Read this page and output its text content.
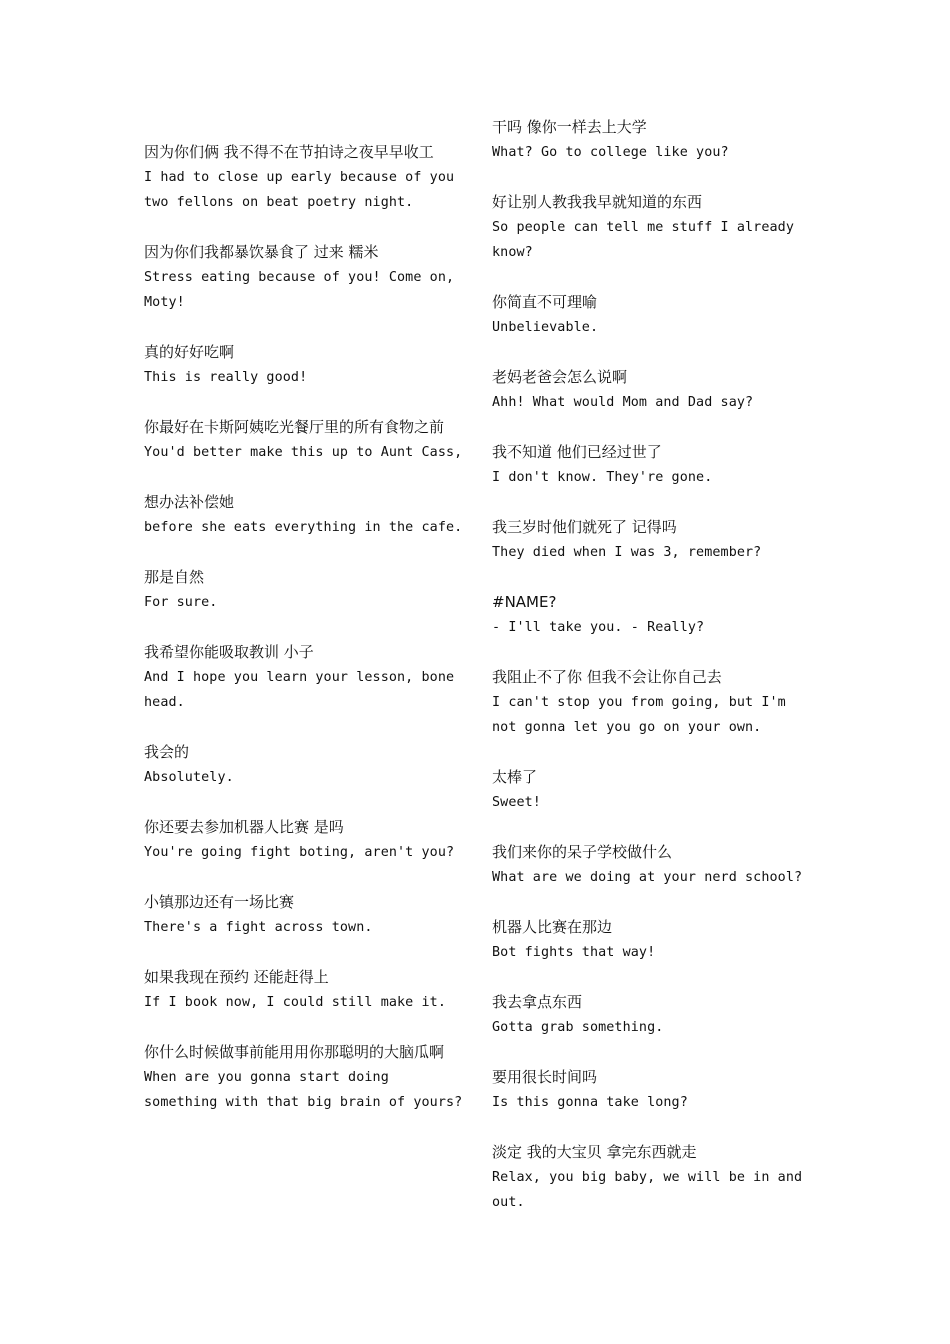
因为你们俩 我不得不在节拍诗之夜早早收工
I had to close up early because of you two fellons on beat poetry night.
因为你们我都暴饮暴食了 过来 糯米
Stress eating because of you! Come on, Moty!
真的好好吃啊
This is really good!
你最好在卡斯阿姨吃光餐厅里的所有食物之前
You'd better make this up to Aunt Cass,
想办法补偿她
before she eats everything in the cafe.
那是自然
For sure.
我希望你能吸取教训 小子
And I hope you learn your lesson, bone head.
我会的
Absolutely.
你还要去参加机器人比赛 是吗
You're going fight boting, aren't you?
小镇那边还有一场比赛
There's a fight across town.
如果我现在预约 还能赶得上
If I book now, I could still make it.
你什么时候做事前能用用你那聪明的大脑瓜啊
When are you gonna start doing something with that big brain of yours?
干吗 像你一样去上大学
What? Go to college like you?
好让别人教我我早就知道的东西
So people can tell me stuff I already know?
你简直不可理喻
Unbelievable.
老妈老爸会怎么说啊
Ahh! What would Mom and Dad say?
我不知道 他们已经过世了
I don't know. They're gone.
我三岁时他们就死了 记得吗
They died when I was 3, remember?
#NAME?
- I'll take you. - Really?
我阻止不了你 但我不会让你自己去
I can't stop you from going, but I'm not gonna let you go on your own.
太棒了
Sweet!
我们来你的呆子学校做什么
What are we doing at your nerd school?
机器人比赛在那边
Bot fights that way!
我去拿点东西
Gotta grab something.
要用很长时间吗
Is this gonna take long?
淡定 我的大宝贝 拿完东西就走
Relax, you big baby, we will be in and out.
